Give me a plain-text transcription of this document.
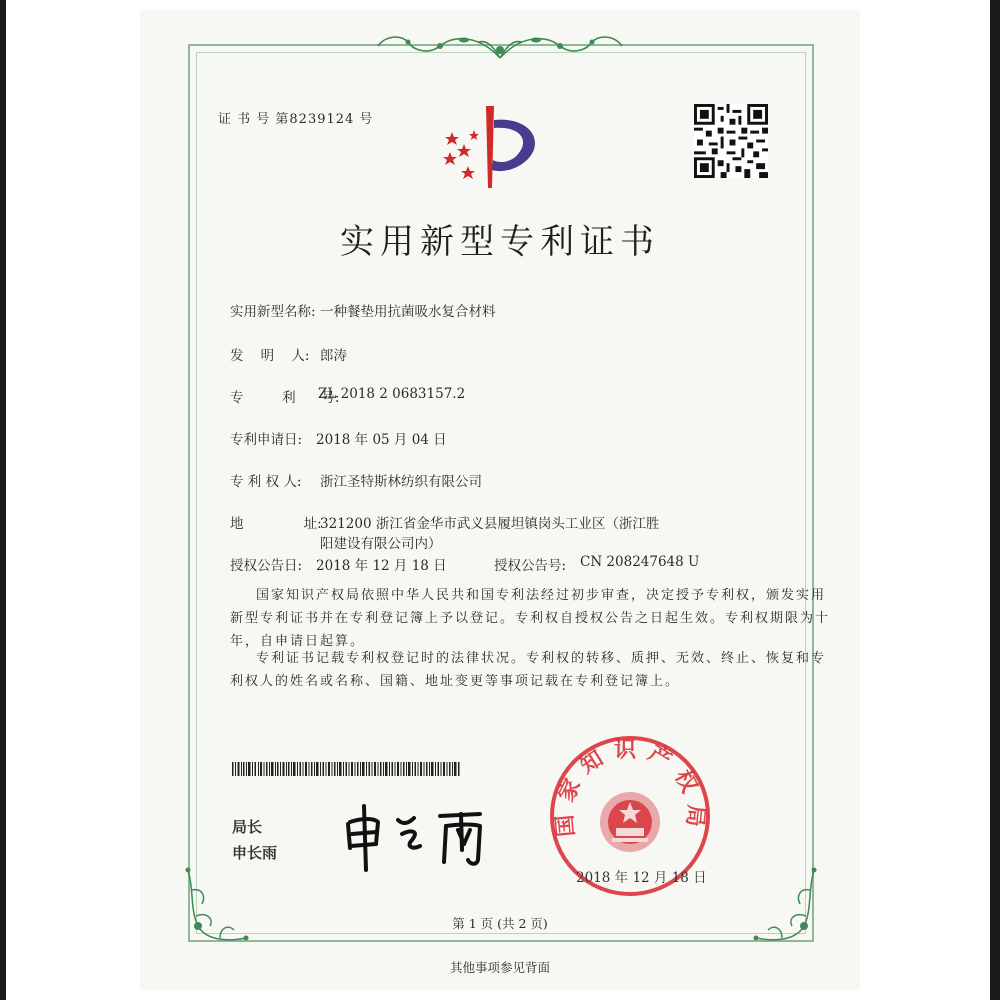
证 书 号 第8239124 号
实用新型专利证书
实用新型名称: 一种餐垫用抗菌吸水复合材料
发    明    人: 郎涛
专         利      号:
ZL 2018 2 0683157.2
专利申请日: 2018 年 05 月 04 日
专 利 权 人: 浙江圣特斯林纺织有限公司
地              址:
321200 浙江省金华市武义县履坦镇岗头工业区（浙江胜
阳建设有限公司内）
授权公告日: 2018 年 12 月 18 日	授权公告号: CN 208247648 U
国家知识产权局依照中华人民共和国专利法经过初步审查，决定授予专利权，颁发实用
新型专利证书并在专利登记簿上予以登记。专利权自授权公告之日起生效。专利权期限为十
年，自申请日起算。
专利证书记载专利权登记时的法律状况。专利权的转移、质押、无效、终止、恢复和专
利权人的姓名或名称、国籍、地址变更等事项记载在专利登记簿上。
局长
申长雨
国家知识产权局
2018 年 12 月 18 日
第 1 页 (共 2 页)
其他事项参见背面
